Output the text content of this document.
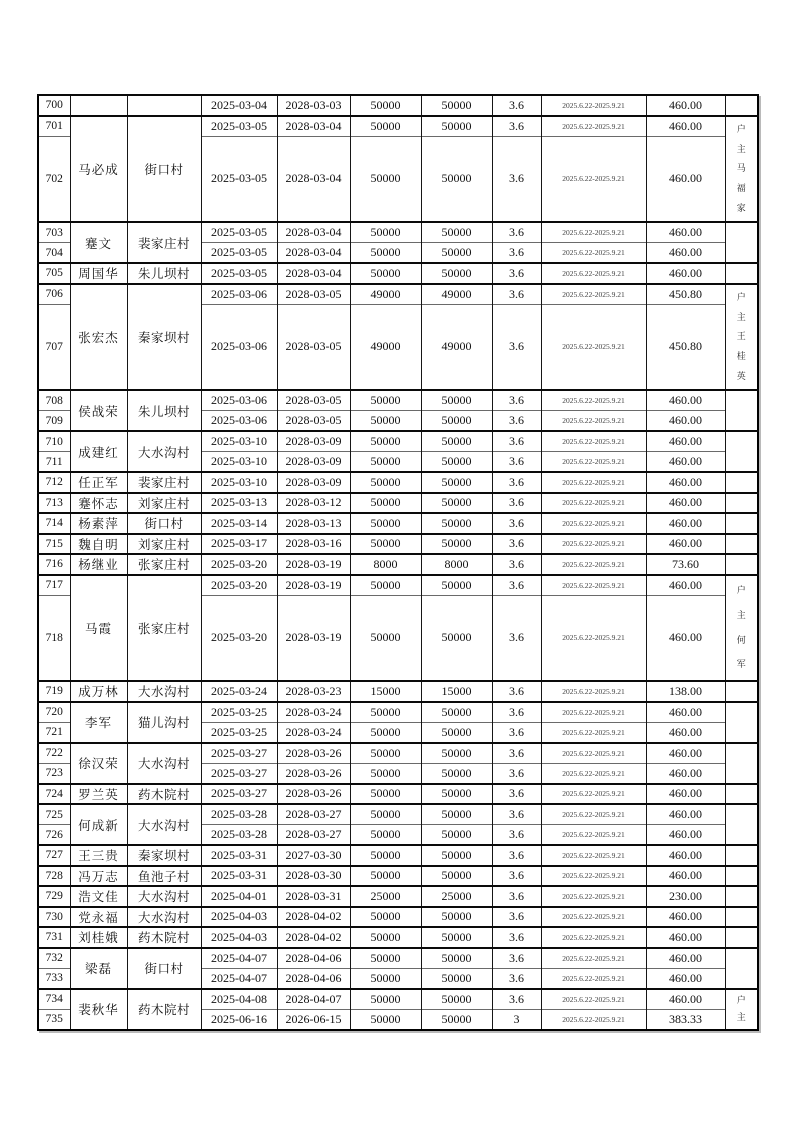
700			2025-03-04	2028-03-03	50000	50000	3.6	2025.6.22-2025.9.21	460.00	

701	马必成	街口村	2025-03-05	2028-03-04	50000	50000	3.6	2025.6.22-2025.9.21	460.00	户
主
马
福
家

702			2025-03-05	2028-03-04	50000	50000	3.6	2025.6.22-2025.9.21	460.00	
703	蹇文	裴家庄村	2025-03-05	2028-03-04	50000	50000	3.6	2025.6.22-2025.9.21	460.00	

704			2025-03-05	2028-03-04	50000	50000	3.6	2025.6.22-2025.9.21	460.00	
705	周国华	朱儿坝村	2025-03-05	2028-03-04	50000	50000	3.6	2025.6.22-2025.9.21	460.00	

706	张宏杰	秦家坝村	2025-03-06	2028-03-05	49000	49000	3.6	2025.6.22-2025.9.21	450.80	户
主
王
桂
英

707			2025-03-06	2028-03-05	49000	49000	3.6	2025.6.22-2025.9.21	450.80	
708	侯战荣	朱儿坝村	2025-03-06	2028-03-05	50000	50000	3.6	2025.6.22-2025.9.21	460.00	

709			2025-03-06	2028-03-05	50000	50000	3.6	2025.6.22-2025.9.21	460.00	
710	成建红	大水沟村	2025-03-10	2028-03-09	50000	50000	3.6	2025.6.22-2025.9.21	460.00	

711			2025-03-10	2028-03-09	50000	50000	3.6	2025.6.22-2025.9.21	460.00	
712	任正军	裴家庄村	2025-03-10	2028-03-09	50000	50000	3.6	2025.6.22-2025.9.21	460.00	

713	蹇怀志	刘家庄村	2025-03-13	2028-03-12	50000	50000	3.6	2025.6.22-2025.9.21	460.00	

714	杨素萍	街口村	2025-03-14	2028-03-13	50000	50000	3.6	2025.6.22-2025.9.21	460.00	

715	魏自明	刘家庄村	2025-03-17	2028-03-16	50000	50000	3.6	2025.6.22-2025.9.21	460.00	

716	杨继业	张家庄村	2025-03-20	2028-03-19	8000	8000	3.6	2025.6.22-2025.9.21	73.60	

717	马霞	张家庄村	2025-03-20	2028-03-19	50000	50000	3.6	2025.6.22-2025.9.21	460.00	户
主
何
军

718			2025-03-20	2028-03-19	50000	50000	3.6	2025.6.22-2025.9.21	460.00	
719	成万林	大水沟村	2025-03-24	2028-03-23	15000	15000	3.6	2025.6.22-2025.9.21	138.00	

720	李军	猫儿沟村	2025-03-25	2028-03-24	50000	50000	3.6	2025.6.22-2025.9.21	460.00	

721			2025-03-25	2028-03-24	50000	50000	3.6	2025.6.22-2025.9.21	460.00	
722	徐汉荣	大水沟村	2025-03-27	2028-03-26	50000	50000	3.6	2025.6.22-2025.9.21	460.00	

723			2025-03-27	2028-03-26	50000	50000	3.6	2025.6.22-2025.9.21	460.00	
724	罗兰英	药木院村	2025-03-27	2028-03-26	50000	50000	3.6	2025.6.22-2025.9.21	460.00	

725	何成新	大水沟村	2025-03-28	2028-03-27	50000	50000	3.6	2025.6.22-2025.9.21	460.00	

726			2025-03-28	2028-03-27	50000	50000	3.6	2025.6.22-2025.9.21	460.00	
727	王三贵	秦家坝村	2025-03-31	2027-03-30	50000	50000	3.6	2025.6.22-2025.9.21	460.00	

728	冯万志	鱼池子村	2025-03-31	2028-03-30	50000	50000	3.6	2025.6.22-2025.9.21	460.00	

729	浩文佳	大水沟村	2025-04-01	2028-03-31	25000	25000	3.6	2025.6.22-2025.9.21	230.00	

730	党永福	大水沟村	2025-04-03	2028-04-02	50000	50000	3.6	2025.6.22-2025.9.21	460.00	

731	刘桂娥	药木院村	2025-04-03	2028-04-02	50000	50000	3.6	2025.6.22-2025.9.21	460.00	

732	梁磊	街口村	2025-04-07	2028-04-06	50000	50000	3.6	2025.6.22-2025.9.21	460.00	

733			2025-04-07	2028-04-06	50000	50000	3.6	2025.6.22-2025.9.21	460.00	
734	裴秋华	药木院村	2025-04-08	2028-04-07	50000	50000	3.6	2025.6.22-2025.9.21	460.00	户
主

735			2025-06-16	2026-06-15	50000	50000	3	2025.6.22-2025.9.21	383.33	
